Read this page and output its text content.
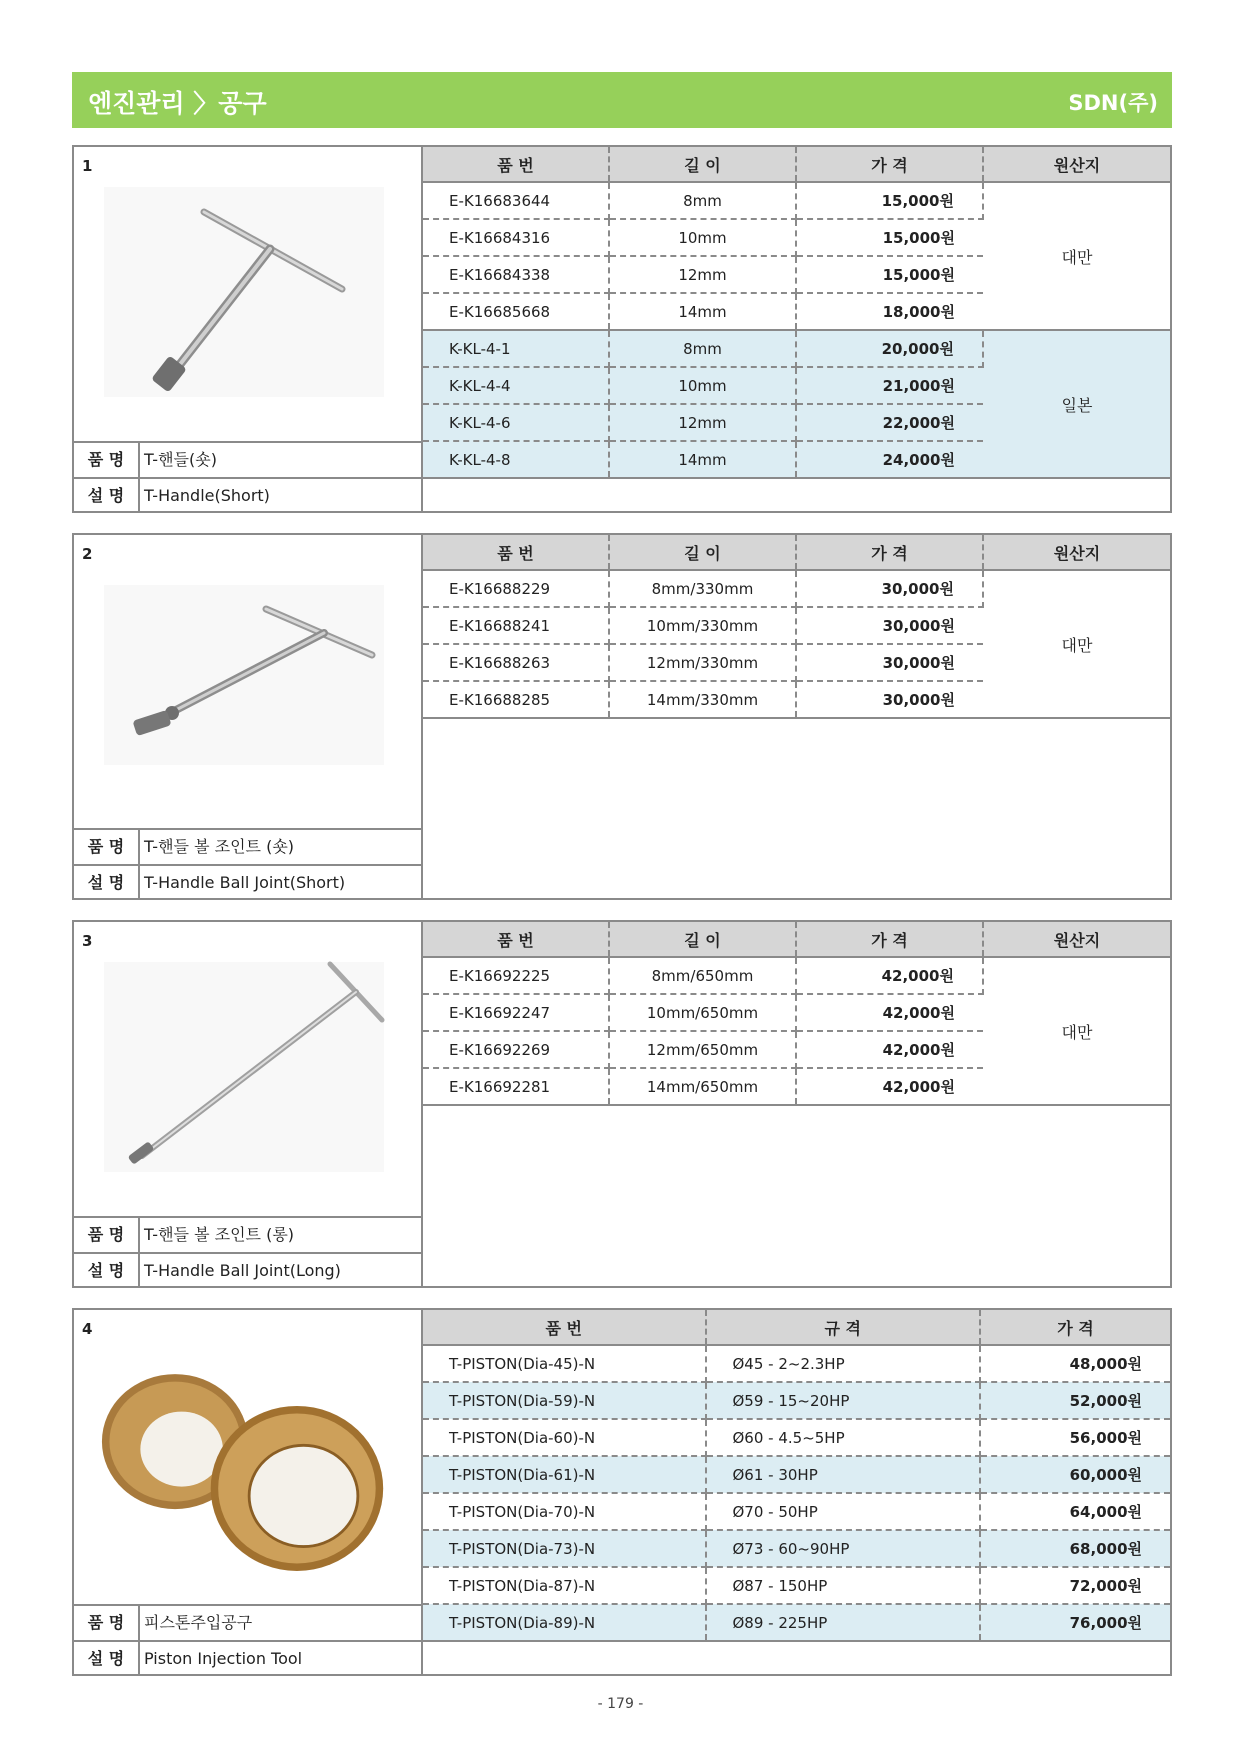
엔진관리 〉공구	SDN(주)
1
품 명	T-핸들(숏)
설 명	T-Handle(Short)
품 번	길 이	가 격	원산지
E-K16683644	8mm	15,000원	대만
E-K16684316	10mm	15,000원	
E-K16684338	12mm	15,000원	
E-K16685668	14mm	18,000원	
K-KL-4-1	8mm	20,000원	일본
K-KL-4-4	10mm	21,000원	
K-KL-4-6	12mm	22,000원	
K-KL-4-8	14mm	24,000원	
2
품 명	T-핸들 볼 조인트 (숏)
설 명	T-Handle Ball Joint(Short)
품 번	길 이	가 격	원산지
E-K16688229	8mm/330mm	30,000원	대만
E-K16688241	10mm/330mm	30,000원	
E-K16688263	12mm/330mm	30,000원	
E-K16688285	14mm/330mm	30,000원	
3
품 명	T-핸들 볼 조인트 (롱)
설 명	T-Handle Ball Joint(Long)
품 번	길 이	가 격	원산지
E-K16692225	8mm/650mm	42,000원	대만
E-K16692247	10mm/650mm	42,000원	
E-K16692269	12mm/650mm	42,000원	
E-K16692281	14mm/650mm	42,000원	
4
품 명	피스톤주입공구
설 명	Piston Injection Tool
품 번	규 격	가 격
T-PISTON(Dia-45)-N	Ø45 - 2~2.3HP	48,000원
T-PISTON(Dia-59)-N	Ø59 - 15~20HP	52,000원
T-PISTON(Dia-60)-N	Ø60 - 4.5~5HP	56,000원
T-PISTON(Dia-61)-N	Ø61 - 30HP	60,000원
T-PISTON(Dia-70)-N	Ø70 - 50HP	64,000원
T-PISTON(Dia-73)-N	Ø73 - 60~90HP	68,000원
T-PISTON(Dia-87)-N	Ø87 - 150HP	72,000원
T-PISTON(Dia-89)-N	Ø89 - 225HP	76,000원
- 179 -
